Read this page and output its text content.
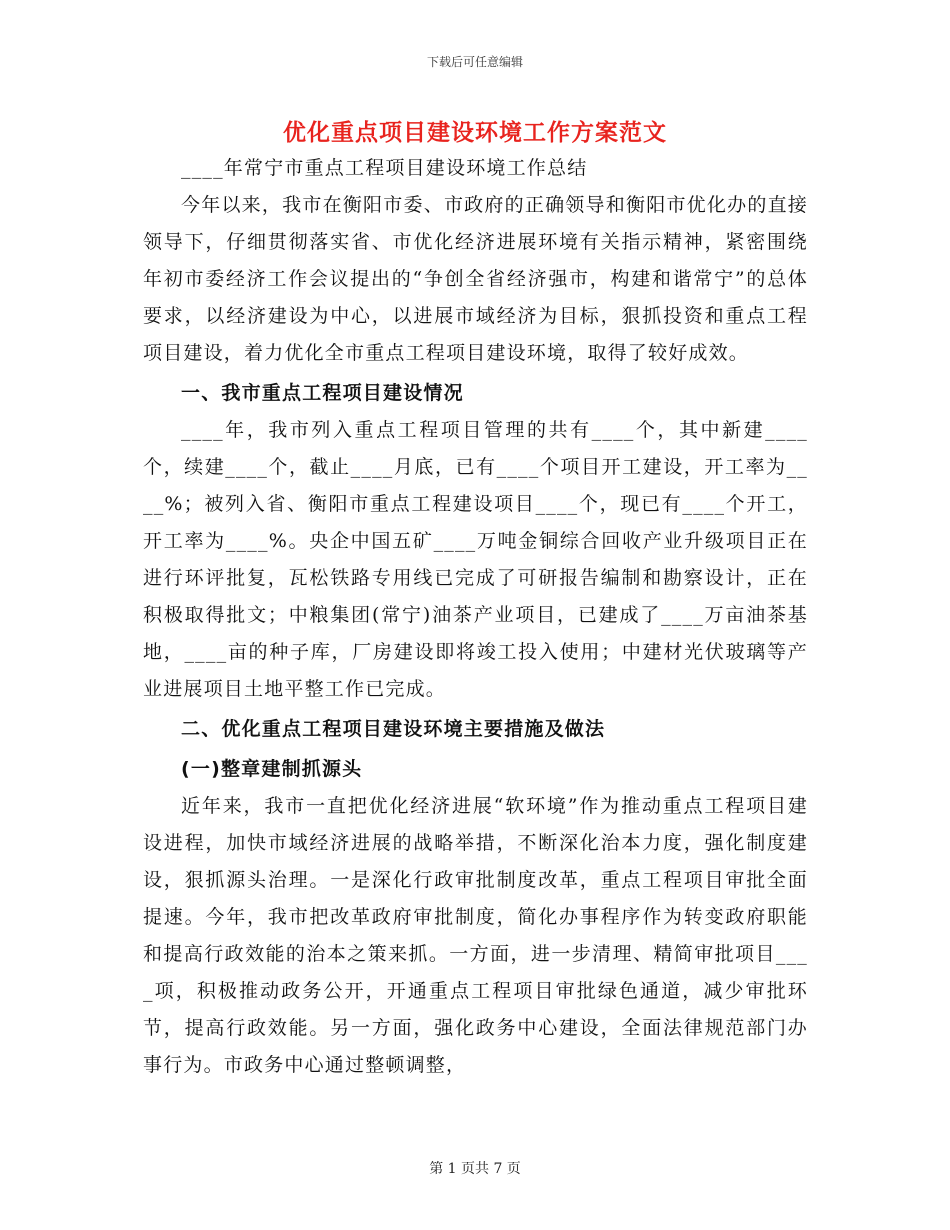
下载后可任意编辑
优化重点项目建设环境工作方案范文

____年常宁市重点工程项目建设环境工作总结

今年以来，我市在衡阳市委、市政府的正确领导和衡阳市优化办的直接领导下，仔细贯彻落实省、市优化经济进展环境有关指示精神，紧密围绕年初市委经济工作会议提出的“争创全省经济强市，构建和谐常宁”的总体要求，以经济建设为中心，以进展市域经济为目标，狠抓投资和重点工程项目建设，着力优化全市重点工程项目建设环境，取得了较好成效。

一、我市重点工程项目建设情况

____年，我市列入重点工程项目管理的共有____个，其中新建____个，续建____个，截止____月底，已有____个项目开工建设，开工率为____%；被列入省、衡阳市重点工程建设项目____个，现已有____个开工，开工率为____%。央企中国五矿____万吨金铜综合回收产业升级项目正在进行环评批复，瓦松铁路专用线已完成了可研报告编制和勘察设计，正在积极取得批文；中粮集团(常宁)油茶产业项目，已建成了____万亩油茶基地，____亩的种子库，厂房建设即将竣工投入使用；中建材光伏玻璃等产业进展项目土地平整工作已完成。

二、优化重点工程项目建设环境主要措施及做法

(一)整章建制抓源头

近年来，我市一直把优化经济进展“软环境”作为推动重点工程项目建设进程，加快市域经济进展的战略举措，不断深化治本力度，强化制度建设，狠抓源头治理。一是深化行政审批制度改革，重点工程项目审批全面提速。今年，我市把改革政府审批制度，简化办事程序作为转变政府职能和提高行政效能的治本之策来抓。一方面，进一步清理、精简审批项目____项，积极推动政务公开，开通重点工程项目审批绿色通道，减少审批环节，提高行政效能。另一方面，强化政务中心建设，全面法律规范部门办事行为。市政务中心通过整顿调整，

第 1 页共 7 页
